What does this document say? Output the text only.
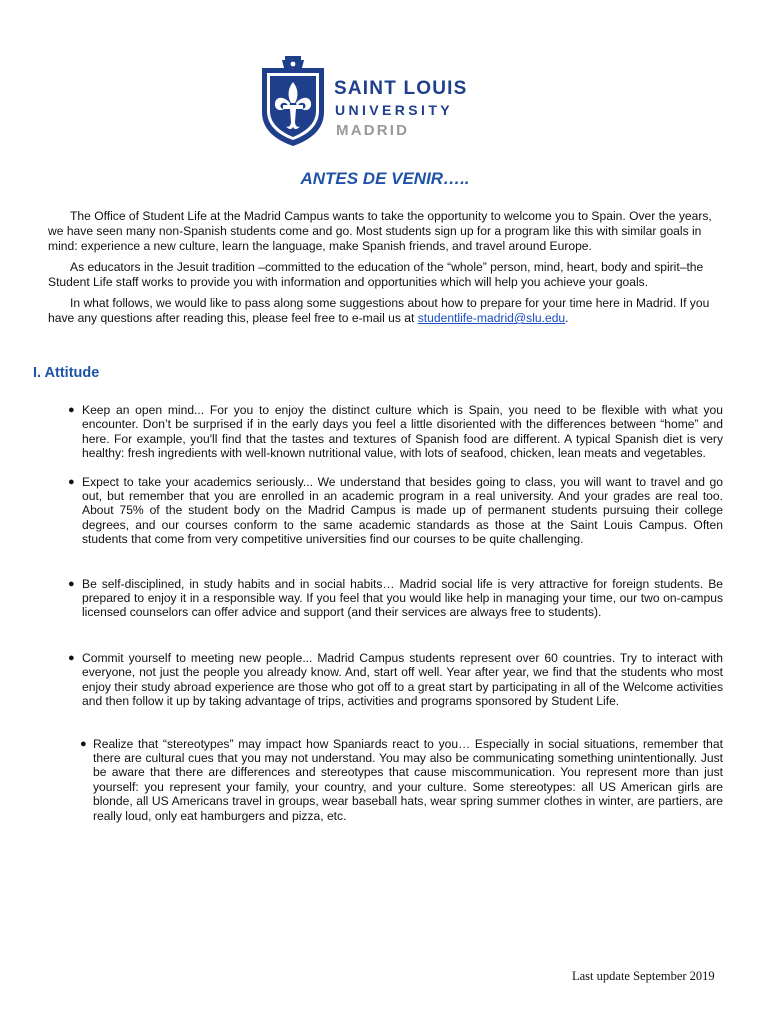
SAINT LOUIS
UNIVERSITY
MADRID
ANTES DE VENIR…..

The Office of Student Life at the Madrid Campus wants to take the opportunity to welcome you to Spain. Over the years, we have seen many non-Spanish students come and go. Most students sign up for a program like this with similar goals in mind: experience a new culture, learn the language, make Spanish friends, and travel around Europe.

As educators in the Jesuit tradition –committed to the education of the “whole” person, mind, heart, body and spirit–the Student Life staff works to provide you with information and opportunities which will help you achieve your goals.

In what follows, we would like to pass along some suggestions about how to prepare for your time here in Madrid. If you have any questions after reading this, please feel free to e-mail us at studentlife-madrid@slu.edu.

I. Attitude
● Keep an open mind... For you to enjoy the distinct culture which is Spain, you need to be flexible with what you encounter. Don’t be surprised if in the early days you feel a little disoriented with the differences between “home” and here. For example, you'll find that the tastes and textures of Spanish food are different. A typical Spanish diet is very healthy: fresh ingredients with well-known nutritional value, with lots of seafood, chicken, lean meats and vegetables.
● Expect to take your academics seriously... We understand that besides going to class, you will want to travel and go out, but remember that you are enrolled in an academic program in a real university. And your grades are real too. About 75% of the student body on the Madrid Campus is made up of permanent students pursuing their college degrees, and our courses conform to the same academic standards as those at the Saint Louis Campus. Often students that come from very competitive universities find our courses to be quite challenging.
● Be self-disciplined, in study habits and in social habits… Madrid social life is very attractive for foreign students. Be prepared to enjoy it in a responsible way. If you feel that you would like help in managing your time, our two on-campus licensed counselors can offer advice and support (and their services are always free to students).
● Commit yourself to meeting new people... Madrid Campus students represent over 60 countries. Try to interact with everyone, not just the people you already know. And, start off well. Year after year, we find that the students who most enjoy their study abroad experience are those who got off to a great start by participating in all of the Welcome activities and then follow it up by taking advantage of trips, activities and programs sponsored by Student Life.
● Realize that “stereotypes” may impact how Spaniards react to you… Especially in social situations, remember that there are cultural cues that you may not understand. You may also be communicating something unintentionally. Just be aware that there are differences and stereotypes that cause miscommunication. You represent more than just yourself: you represent your family, your country, and your culture. Some stereotypes: all US American girls are blonde, all US Americans travel in groups, wear baseball hats, wear spring summer clothes in winter, are partiers, are really loud, only eat hamburgers and pizza, etc.
Last update September 2019
